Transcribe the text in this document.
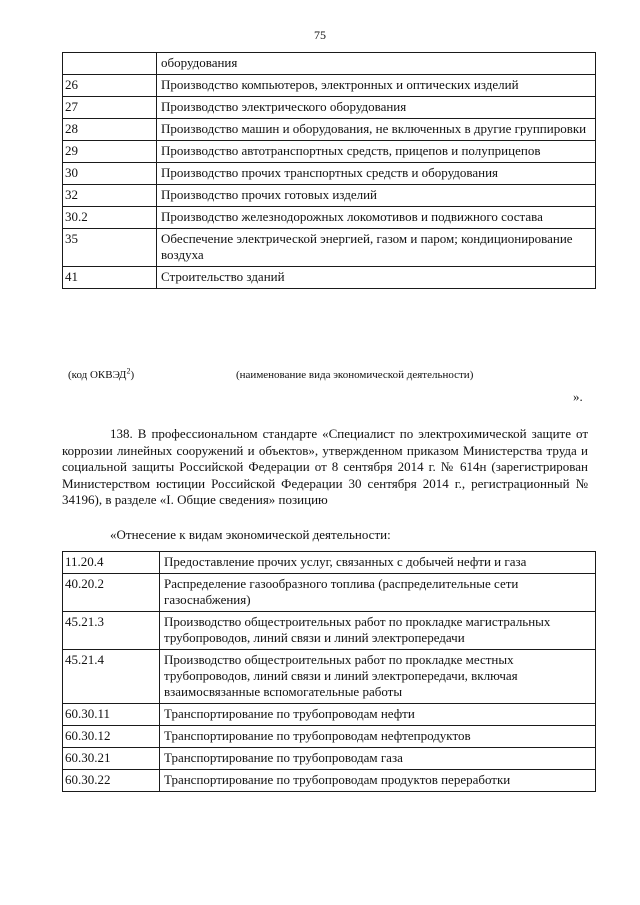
75
	оборудования
26	Производство компьютеров, электронных и оптических изделий
27	Производство электрического оборудования
28	Производство машин и оборудования, не включенных в другие группировки
29	Производство автотранспортных средств, прицепов и полуприцепов
30	Производство прочих транспортных средств и оборудования
32	Производство прочих готовых изделий
30.2	Производство железнодорожных локомотивов и подвижного состава
35	Обеспечение электрической энергией, газом и паром; кондиционирование воздуха
41	Строительство зданий
(код ОКВЭД$^2$)	(наименование вида экономической деятельности)
».

138. В профессиональном стандарте «Специалист по электрохимической защите от коррозии линейных сооружений и объектов», утвержденном приказом Министерства труда и социальной защиты Российской Федерации от 8 сентября 2014 г. № 614н (зарегистрирован Министерством юстиции Российской Федерации 30 сентября 2014 г., регистрационный № 34196), в разделе «I. Общие сведения» позицию

«Отнесение к видам экономической деятельности:
11.20.4	Предоставление прочих услуг, связанных с добычей нефти и газа
40.20.2	Распределение газообразного топлива (распределительные сети газоснабжения)
45.21.3	Производство общестроительных работ по прокладке магистральных трубопроводов, линий связи и линий электропередачи
45.21.4	Производство общестроительных работ по прокладке местных трубопроводов, линий связи и линий электропередачи, включая взаимосвязанные вспомогательные работы
60.30.11	Транспортирование по трубопроводам нефти
60.30.12	Транспортирование по трубопроводам нефтепродуктов
60.30.21	Транспортирование по трубопроводам газа
60.30.22	Транспортирование по трубопроводам продуктов переработки
